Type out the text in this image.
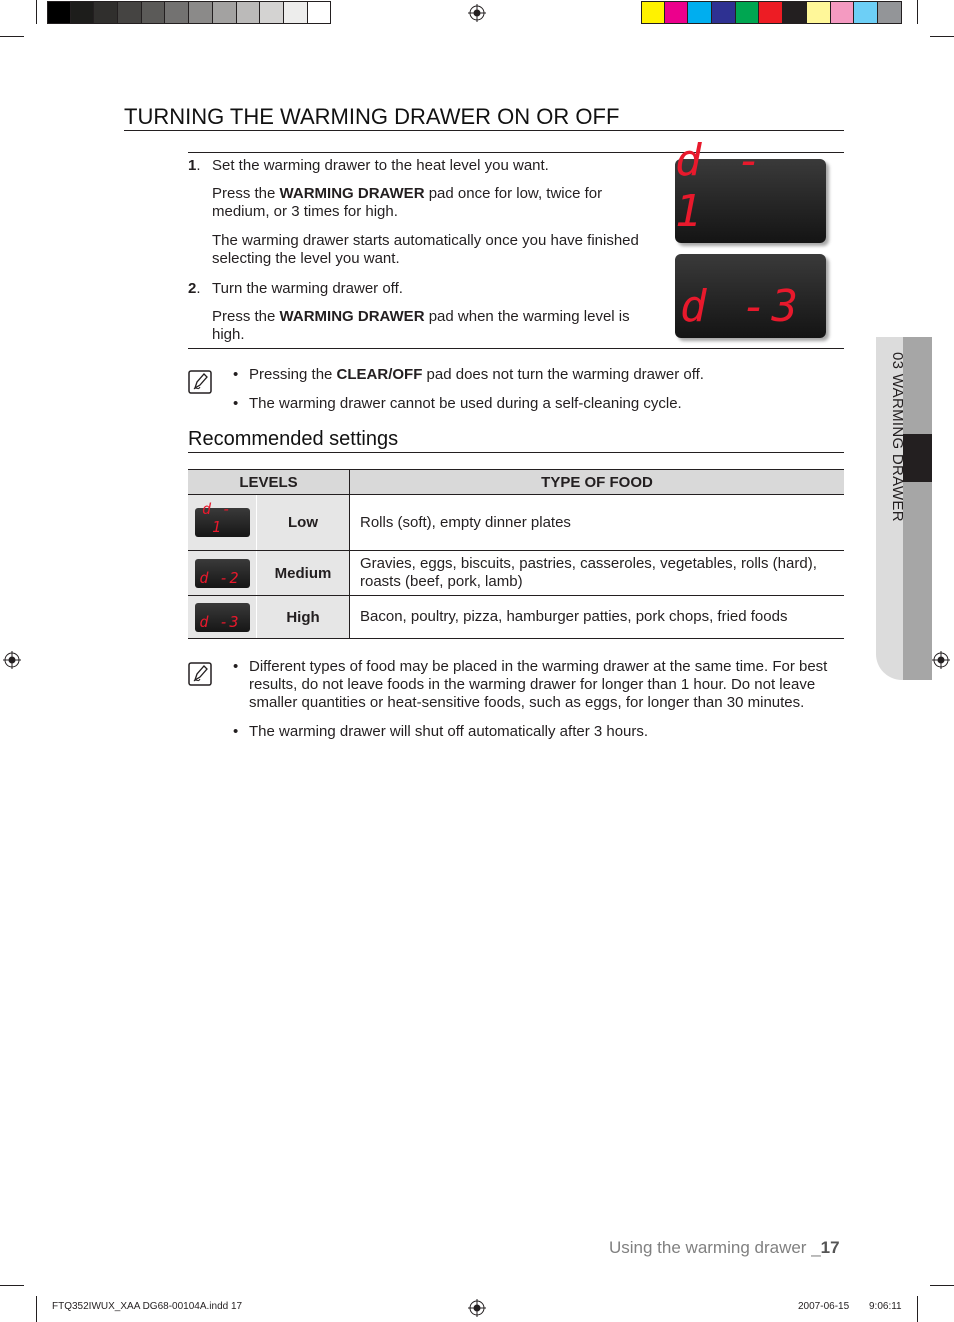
TURNING THE WARMING DRAWER ON OR OFF
1. Set the warming drawer to the heat level you want.
Press the WARMING DRAWER pad once for low, twice for
medium, or 3 times for high.
The warming drawer starts automatically once you have finished
selecting the level you want.
2. Turn the warming drawer off.
Press the WARMING DRAWER pad when the warming level is
high.
d - 1
d -3
• Pressing the CLEAR/OFF pad does not turn the warming drawer off.
• The warming drawer cannot be used during a self-cleaning cycle.
Recommended settings
LEVELS		TYPE OF FOOD

d - 1	Low	Rolls (soft), empty dinner plates

d -2	Medium	Gravies, eggs, biscuits, pastries, casseroles, vegetables, rolls (hard),
roasts (beef, pork, lamb)

d -3	High	Bacon, poultry, pizza, hamburger patties, pork chops, fried foods
• Different types of food may be placed in the warming drawer at the same time. For best
results, do not leave foods in the warming drawer for longer than 1 hour. Do not leave
smaller quantities or heat-sensitive foods, such as eggs, for longer than 30 minutes.
• The warming drawer will shut off automatically after 3 hours.
03 WARMING DRAWER
Using the warming drawer _17
FTQ352IWUX_XAA DG68-00104A.indd 17	2007-06-15 9:06:11
